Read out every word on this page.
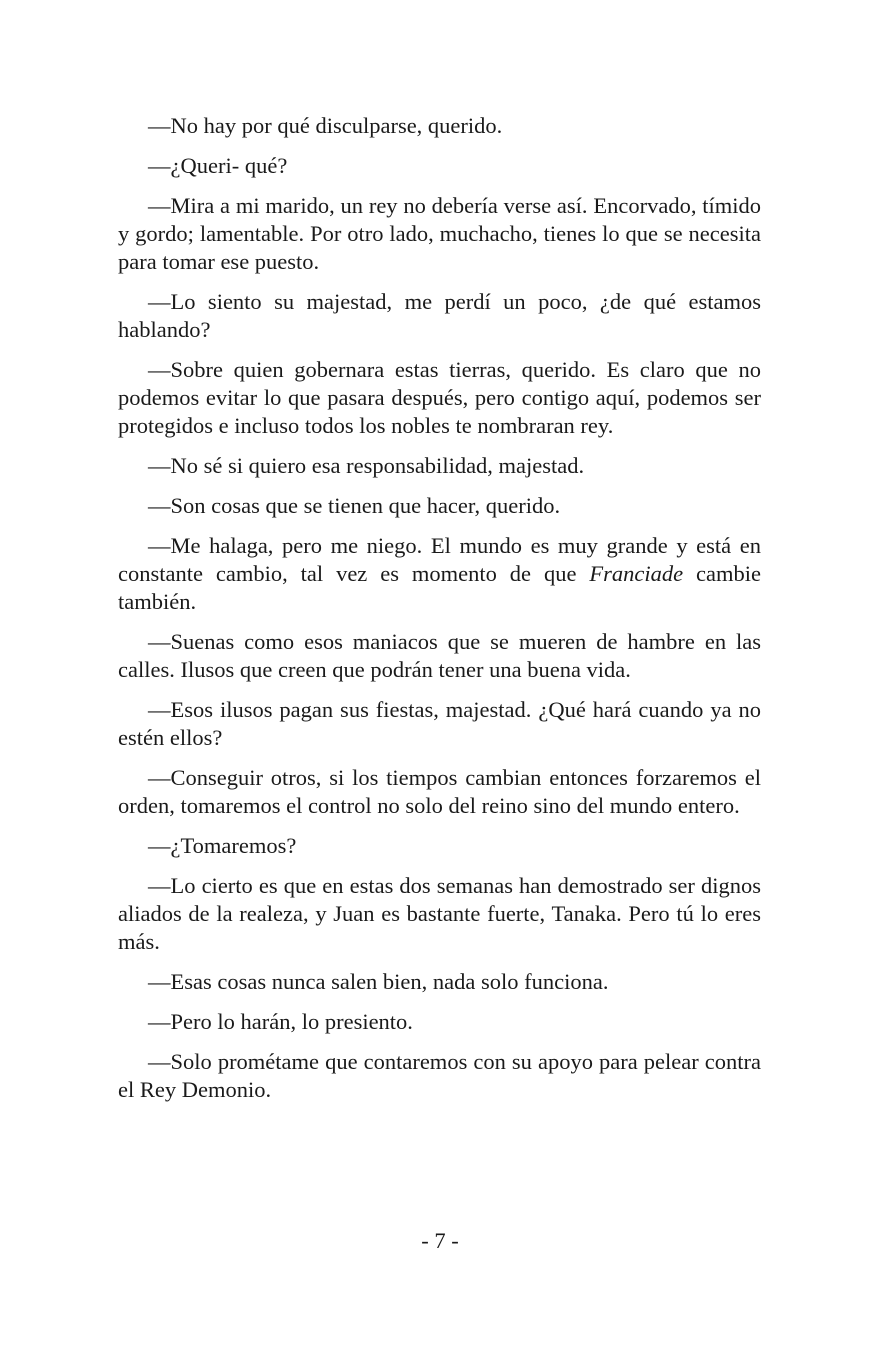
—No hay por qué disculparse, querido.

—¿Queri- qué?

—Mira a mi marido, un rey no debería verse así. Encorvado, tímido y gordo; lamentable. Por otro lado, muchacho, tienes lo que se necesita para tomar ese puesto.

—Lo siento su majestad, me perdí un poco, ¿de qué estamos hablando?

—Sobre quien gobernara estas tierras, querido. Es claro que no podemos evitar lo que pasara después, pero contigo aquí, podemos ser protegidos e incluso todos los nobles te nombraran rey.

—No sé si quiero esa responsabilidad, majestad.

—Son cosas que se tienen que hacer, querido.

—Me halaga, pero me niego. El mundo es muy grande y está en constante cambio, tal vez es momento de que Franciade cambie también.

—Suenas como esos maniacos que se mueren de hambre en las calles. Ilusos que creen que podrán tener una buena vida.

—Esos ilusos pagan sus fiestas, majestad. ¿Qué hará cuando ya no estén ellos?

—Conseguir otros, si los tiempos cambian entonces forzaremos el orden, tomaremos el control no solo del reino sino del mundo entero.

—¿Tomaremos?

—Lo cierto es que en estas dos semanas han demostrado ser dignos aliados de la realeza, y Juan es bastante fuerte, Tanaka. Pero tú lo eres más.

—Esas cosas nunca salen bien, nada solo funciona.

—Pero lo harán, lo presiento.

—Solo prométame que contaremos con su apoyo para pelear contra el Rey Demonio.

- 7 -
